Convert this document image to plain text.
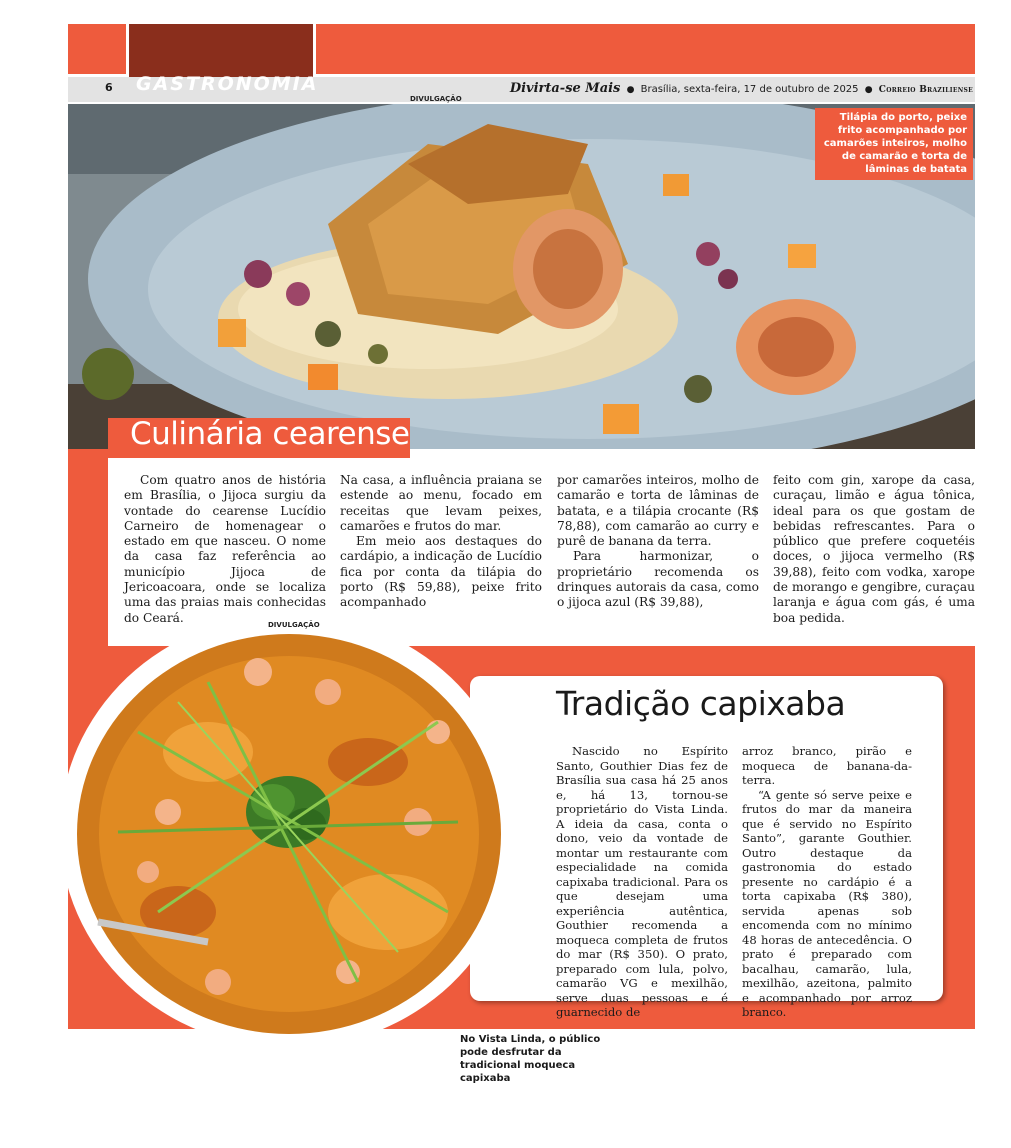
GASTRONOMIA
6	Divirta-se Mais ● Brasília, sexta-feira, 17 de outubro de 2025 ● Correio Braziliense
DIVULGAÇÃO
Tilápia do porto, peixe frito acompanhado por camarões inteiros, molho de camarão e torta de lâminas de batata
Culinária cearense

Com quatro anos de história em Brasília, o Jijoca surgiu da vontade do cearense Lucídio Carneiro de homenagear o estado em que nasceu. O nome da casa faz referência ao município Jijoca de Jericoacoara, onde se localiza uma das praias mais conhecidas do Ceará.

Na casa, a influência praiana se estende ao menu, focado em receitas que levam peixes, camarões e frutos do mar.

Em meio aos destaques do cardápio, a indicação de Lucídio fica por conta da tilápia do porto (R$ 59,88), peixe frito acompanhado

por camarões inteiros, molho de camarão e torta de lâminas de batata, e a tilápia crocante (R$ 78,88), com camarão ao curry e purê de banana da terra.

Para harmonizar, o proprietário recomenda os drinques autorais da casa, como o jijoca azul (R$ 39,88),

feito com gin, xarope da casa, curaçau, limão e água tônica, ideal para os que gostam de bebidas refrescantes. Para o público que prefere coquetéis doces, o jijoca vermelho (R$ 39,88), feito com vodka, xarope de morango e gengibre, curaçau laranja e água com gás, é uma boa pedida.

Tradição capixaba

Nascido no Espírito Santo, Gouthier Dias fez de Brasília sua casa há 25 anos e, há 13, tornou-se proprietário do Vista Linda. A ideia da casa, conta o dono, veio da vontade de montar um restaurante com especialidade na comida capixaba tradicional. Para os que desejam uma experiência autêntica, Gouthier recomenda a moqueca completa de frutos do mar (R$ 350). O prato, preparado com lula, polvo, camarão VG e mexilhão, serve duas pessoas e é guarnecido de

arroz branco, pirão e moqueca de banana-da-terra.

“A gente só serve peixe e frutos do mar da maneira que é servido no Espírito Santo”, garante Gouthier. Outro destaque da gastronomia do estado presente no cardápio é a torta capixaba (R$ 380), servida apenas sob encomenda com no mínimo 48 horas de antecedência. O prato é preparado com bacalhau, camarão, lula, mexilhão, azeitona, palmito e acompanhado por arroz branco.

DIVULGAÇÃO
No Vista Linda, o público pode desfrutar da tradicional moqueca capixaba
